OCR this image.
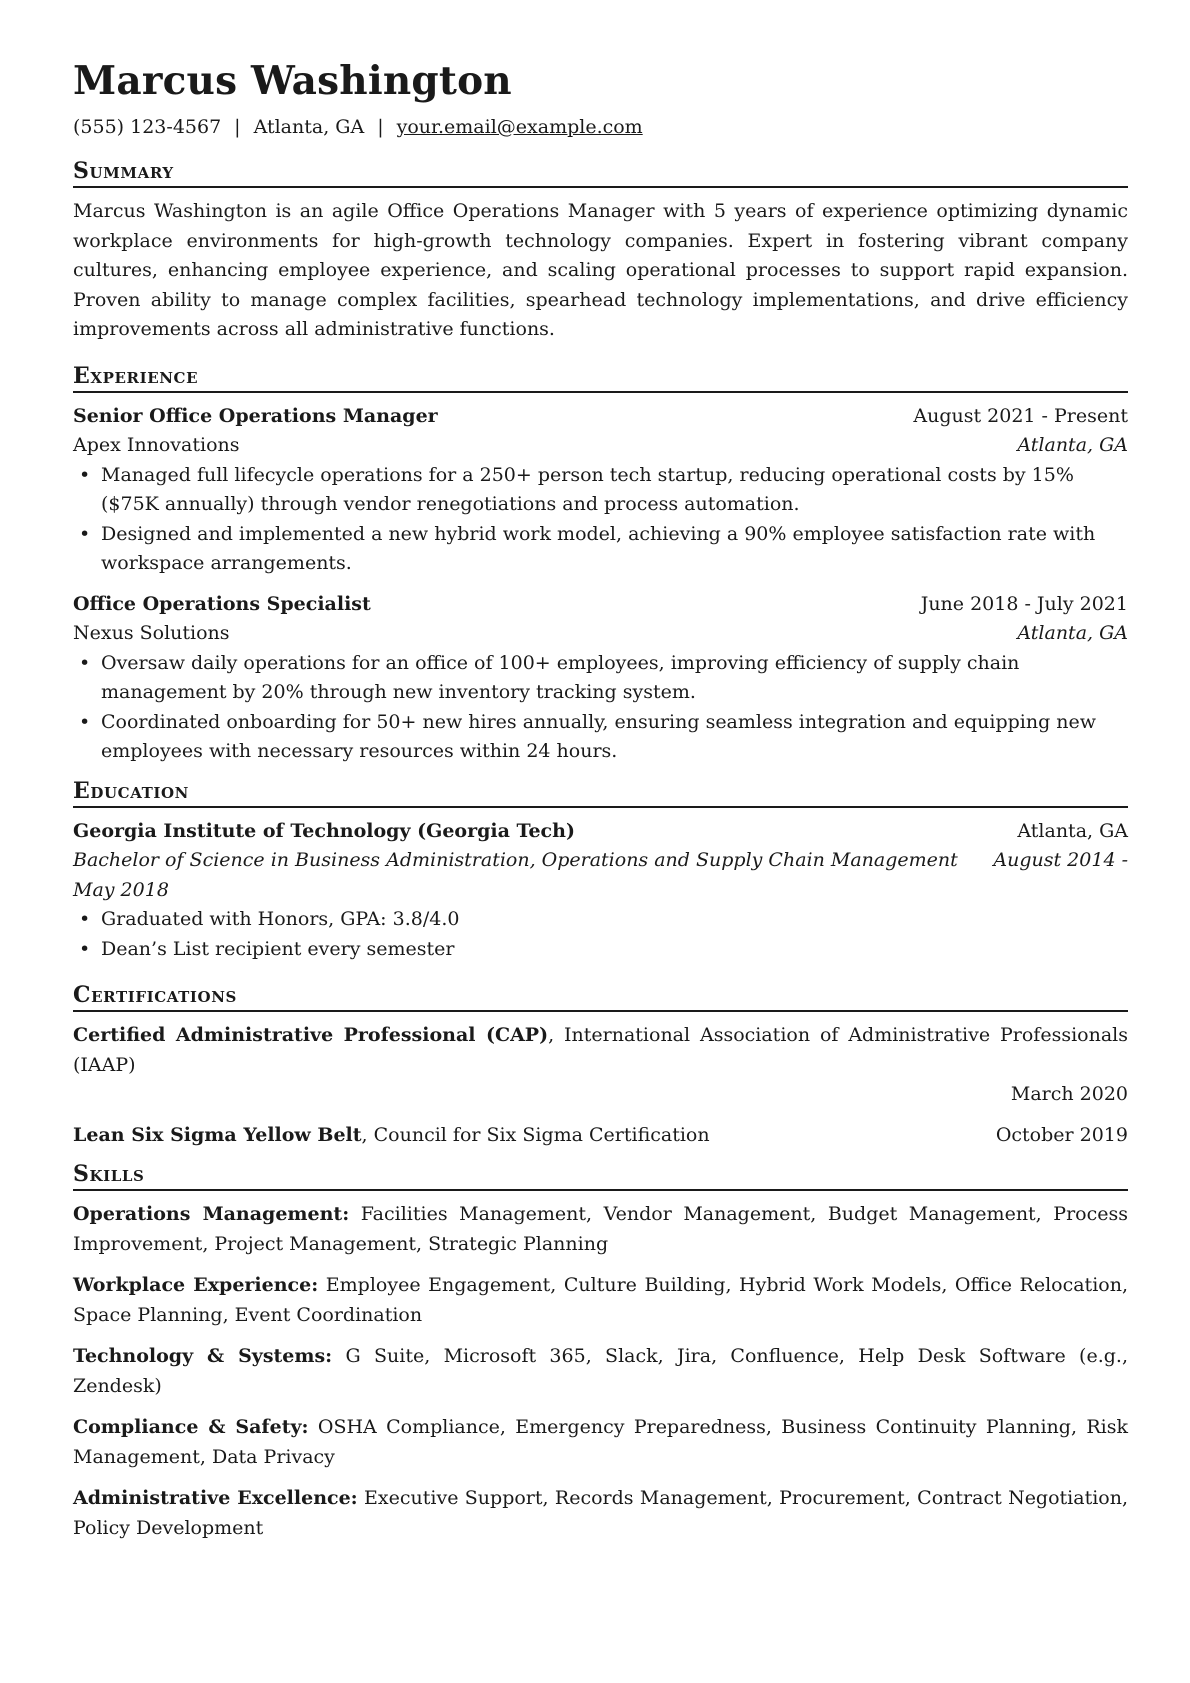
Marcus Washington
(555) 123-4567 | Atlanta, GA | your.email@example.com
Summary
Marcus Washington is an agile Office Operations Manager with 5 years of experience optimizing dynamic workplace environments for high-growth technology companies. Expert in fostering vibrant company cultures, enhancing employee experience, and scaling operational processes to support rapid expansion. Proven ability to manage complex facilities, spearhead technology implementations, and drive efficiency improvements across all administrative functions.
Experience
Senior Office Operations Manager	August 2021 - Present
Apex Innovations	Atlanta, GA
• Managed full lifecycle operations for a 250+ person tech startup, reducing operational costs by 15% ($75K annually) through vendor renegotiations and process automation.
• Designed and implemented a new hybrid work model, achieving a 90% employee satisfaction rate with workspace arrangements.
Office Operations Specialist	June 2018 - July 2021
Nexus Solutions	Atlanta, GA
• Oversaw daily operations for an office of 100+ employees, improving efficiency of supply chain management by 20% through new inventory tracking system.
• Coordinated onboarding for 50+ new hires annually, ensuring seamless integration and equipping new employees with necessary resources within 24 hours.
Education
Georgia Institute of Technology (Georgia Tech)	Atlanta, GA
Bachelor of Science in Business Administration, Operations and Supply Chain Management August 2014 -
May 2018
• Graduated with Honors, GPA: 3.8/4.0
• Dean’s List recipient every semester
Certifications
Certified Administrative Professional (CAP), International Association of Administrative Professionals (IAAP)
March 2020
Lean Six Sigma Yellow Belt, Council for Six Sigma Certification	October 2019
Skills
Operations Management: Facilities Management, Vendor Management, Budget Management, Process Improvement, Project Management, Strategic Planning
Workplace Experience: Employee Engagement, Culture Building, Hybrid Work Models, Office Relocation, Space Planning, Event Coordination
Technology & Systems: G Suite, Microsoft 365, Slack, Jira, Confluence, Help Desk Software (e.g., Zendesk)
Compliance & Safety: OSHA Compliance, Emergency Preparedness, Business Continuity Planning, Risk Management, Data Privacy
Administrative Excellence: Executive Support, Records Management, Procurement, Contract Negotiation, Policy Development
